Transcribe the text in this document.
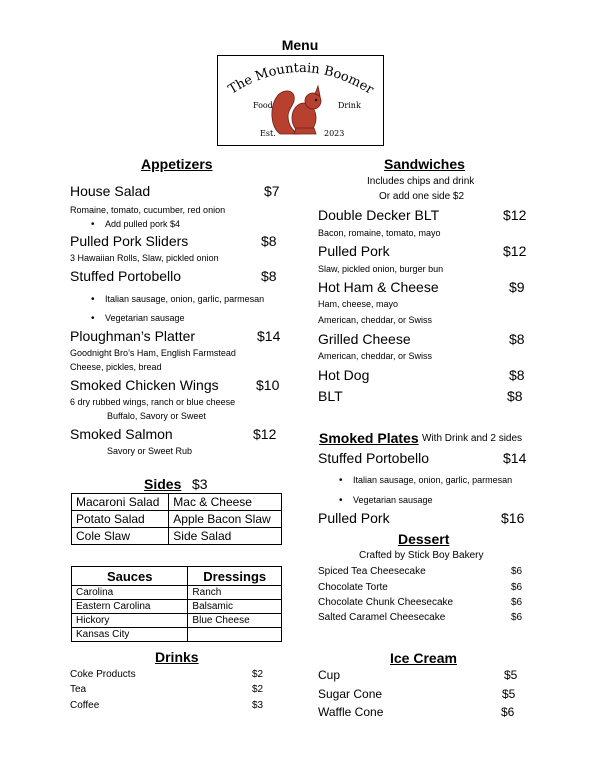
Menu
The Mountain Boomer
Food	Drink
Est.	2023
Appetizers
House Salad	$7
Romaine, tomato, cucumber, red onion
• Add pulled pork $4
Pulled Pork Sliders	$8
3 Hawaiian Rolls, Slaw, pickled onion
Stuffed Portobello	$8
• Italian sausage, onion, garlic, parmesan
• Vegetarian sausage
Ploughman’s Platter	$14
Goodnight Bro’s Ham, English Farmstead
Cheese, pickles, bread
Smoked Chicken Wings	$10
6 dry rubbed wings, ranch or blue cheese
Buffalo, Savory or Sweet
Smoked Salmon	$12
Savory or Sweet Rub
Sides $3
Macaroni Salad	Mac & Cheese
Potato Salad	Apple Bacon Slaw
Cole Slaw	Side Salad
Sauces	Dressings
Carolina	Ranch
Eastern Carolina	Balsamic
Hickory	Blue Cheese
Kansas City	
Drinks
Coke Products	$2
Tea	$2
Coffee	$3
Sandwiches
Includes chips and drink
Or add one side $2
Double Decker BLT	$12
Bacon, romaine, tomato, mayo
Pulled Pork	$12
Slaw, pickled onion, burger bun
Hot Ham & Cheese	$9
Ham, cheese, mayo
American, cheddar, or Swiss
Grilled Cheese	$8
American, cheddar, or Swiss
Hot Dog	$8
BLT	$8
Smoked Plates With Drink and 2 sides
Stuffed Portobello	$14
• Italian sausage, onion, garlic, parmesan
• Vegetarian sausage
Pulled Pork	$16
Dessert
Crafted by Stick Boy Bakery
Spiced Tea Cheesecake	$6
Chocolate Torte	$6
Chocolate Chunk Cheesecake	$6
Salted Caramel Cheesecake	$6
Ice Cream
Cup	$5
Sugar Cone	$5
Waffle Cone	$6
